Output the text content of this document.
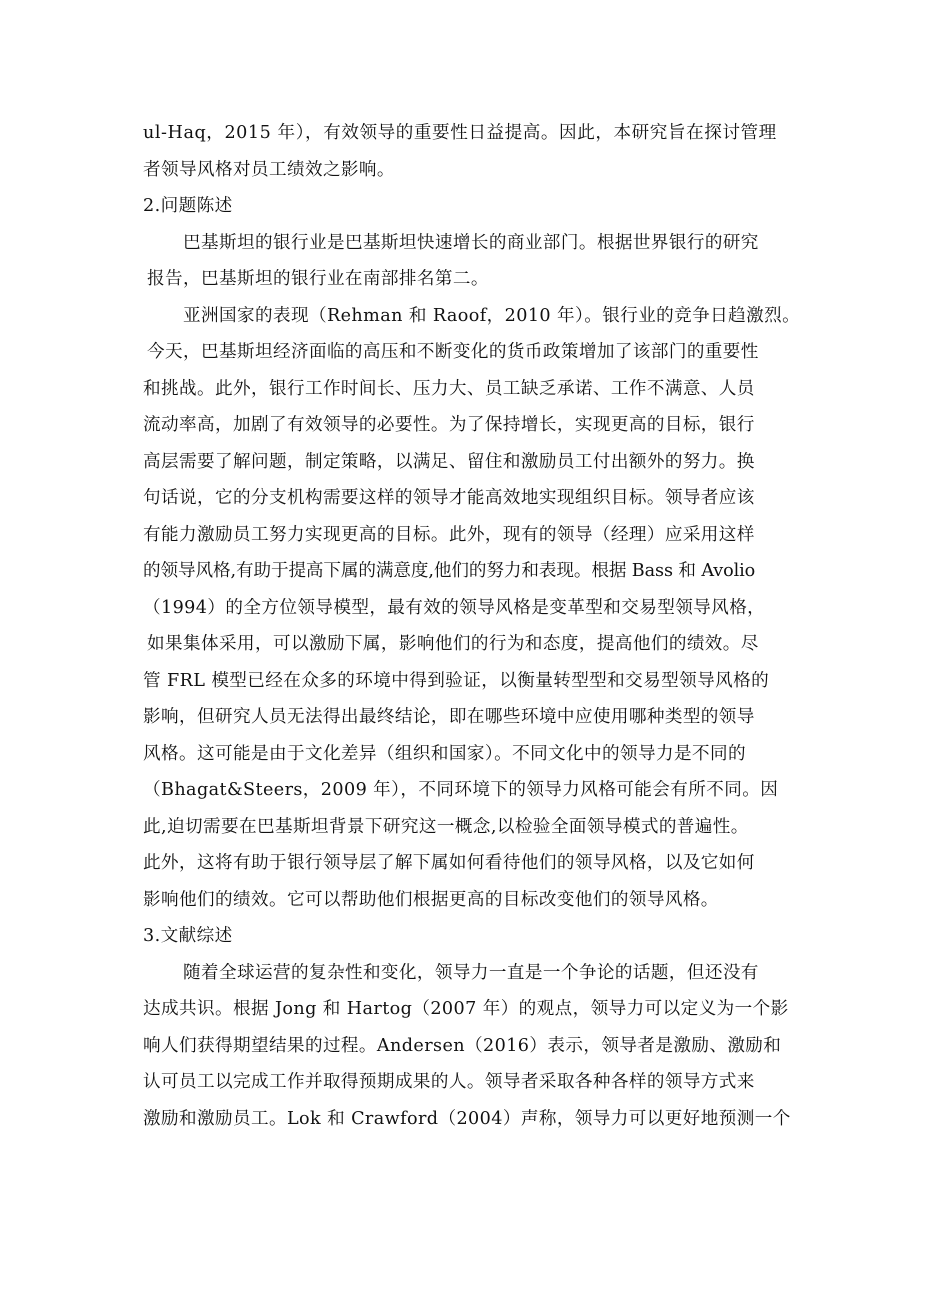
ul-Haq，2015 年），有效领导的重要性日益提高。因此，本研究旨在探讨管理
者领导风格对员工绩效之影响。
2.问题陈述
巴基斯坦的银行业是巴基斯坦快速增长的商业部门。根据世界银行的研究
报告，巴基斯坦的银行业在南部排名第二。
亚洲国家的表现（Rehman 和 Raoof，2010 年）。银行业的竞争日趋激烈。
今天，巴基斯坦经济面临的高压和不断变化的货币政策增加了该部门的重要性
和挑战。此外，银行工作时间长、压力大、员工缺乏承诺、工作不满意、人员
流动率高，加剧了有效领导的必要性。为了保持增长，实现更高的目标，银行
高层需要了解问题，制定策略，以满足、留住和激励员工付出额外的努力。换
句话说，它的分支机构需要这样的领导才能高效地实现组织目标。领导者应该
有能力激励员工努力实现更高的目标。此外，现有的领导（经理）应采用这样
的领导风格,有助于提高下属的满意度,他们的努力和表现。根据 Bass 和 Avolio
（1994）的全方位领导模型，最有效的领导风格是变革型和交易型领导风格，
如果集体采用，可以激励下属，影响他们的行为和态度，提高他们的绩效。尽
管 FRL 模型已经在众多的环境中得到验证，以衡量转型型和交易型领导风格的
影响，但研究人员无法得出最终结论，即在哪些环境中应使用哪种类型的领导
风格。这可能是由于文化差异（组织和国家）。不同文化中的领导力是不同的
（Bhagat&Steers，2009 年），不同环境下的领导力风格可能会有所不同。因
此,迫切需要在巴基斯坦背景下研究这一概念,以检验全面领导模式的普遍性。
此外，这将有助于银行领导层了解下属如何看待他们的领导风格，以及它如何
影响他们的绩效。它可以帮助他们根据更高的目标改变他们的领导风格。
3.文献综述
随着全球运营的复杂性和变化，领导力一直是一个争论的话题，但还没有
达成共识。根据 Jong 和 Hartog（2007 年）的观点，领导力可以定义为一个影
响人们获得期望结果的过程。Andersen（2016）表示，领导者是激励、激励和
认可员工以完成工作并取得预期成果的人。领导者采取各种各样的领导方式来
激励和激励员工。Lok 和 Crawford（2004）声称，领导力可以更好地预测一个
